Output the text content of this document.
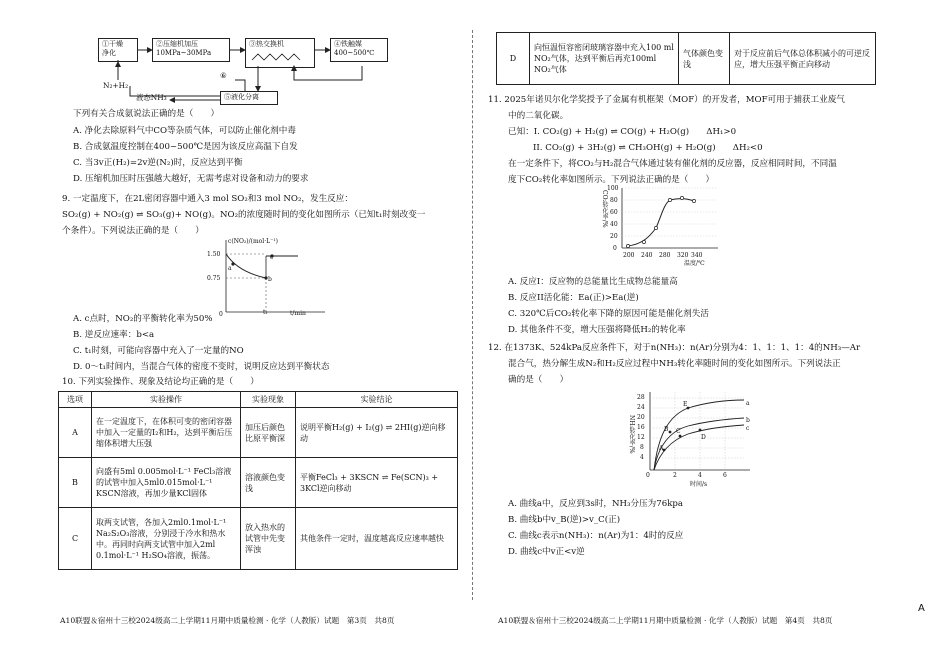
①干燥
净化
②压缩机加压
10MPa~30MPa
③热交换机	④铁触媒
400~500℃
⑤液化分离
⑥
N₂+H₂
液态NH₃
下列有关合成氨说法正确的是（　　）
A. 净化去除原料气中CO等杂质气体，可以防止催化剂中毒
B. 合成氨温度控制在400~500℃是因为该反应高温下自发
C. 当3v正(H₂)=2v逆(N₂)时，反应达到平衡
D. 压缩机加压时压强越大越好，无需考虑对设备和动力的要求
9. 一定温度下，在2L密闭容器中通入3 mol SO₂和3 mol NO₂，发生反应：
SO₂(g) + NO₂(g) ⇌ SO₃(g)+ NO(g)。NO₂的浓度随时间的变化如图所示（已知t₁时刻改变一
个条件）。下列说法正确的是（　　）
c(NO₂)/(mol·L⁻¹)
1.50
0.75
0	t₁	t/min
a
b
c
A. c点时，NO₂的平衡转化率为50%
B. 逆反应速率：b<a
C. t₁时刻，可能向容器中充入了一定量的NO
D. 0～t₁时间内，当混合气体的密度不变时，说明反应达到平衡状态
10. 下列实验操作、现象及结论均正确的是（　　）
选项	实验操作	实验现象	实验结论
A	在一定温度下，在体积可变的密闭容器中加入一定量的I₂和H₂，达到平衡后压缩体积增大压强	加压后颜色比原平衡深	说明平衡H₂(g) + I₂(g) ⇌ 2HI(g)逆向移动
B	向盛有5ml 0.005mol·L⁻¹ FeCl₃溶液的试管中加入5ml0.015mol·L⁻¹ KSCN溶液，再加少量KCl固体	溶液颜色变浅	平衡FeCl₃ + 3KSCN ⇌ Fe(SCN)₃ + 3KCl逆向移动
C	取两支试管，各加入2ml0.1mol·L⁻¹ Na₂S₂O₃溶液，分别浸于冷水和热水中。再同时向两支试管中加入2ml 0.1mol·L⁻¹ H₂SO₄溶液，振荡。	放入热水的试管中先变浑浊	其他条件一定时，温度越高反应速率越快
A10联盟＆宿州十三校2024级高二上学期11月期中质量检测 · 化学（人教版）试题　第3页　共8页
D	向恒温恒容密闭玻璃容器中充入100 ml NO₂气体，达到平衡后再充100ml NO₂气体	气体颜色变浅	对于反应前后气体总体积减小的可逆反应，增大压强平衡正向移动
11. 2025年诺贝尔化学奖授予了金属有机框架（MOF）的开发者，MOF可用于捕获工业废气
中的二氧化碳。
已知：I. CO₂(g) + H₂(g) ⇌ CO(g) + H₂O(g)　　ΔH₁>0
II. CO₂(g) + 3H₂(g) ⇌ CH₃OH(g) + H₂O(g)　　ΔH₂<0
在一定条件下，将CO₂与H₂混合气体通过装有催化剂的反应器，反应相同时间，不同温
度下CO₂转化率如图所示。下列说法正确的是（　　）
CO₂转化率/%
100
80
60
40
20
0
200 240 280 320 340
温度/℃
A. 反应I：反应物的总能量比生成物总能量高
B. 反应II活化能：Ea(正)>Ea(逆)
C. 320℃后CO₂转化率下降的原因可能是催化剂失活
D. 其他条件不变，增大压强将降低H₂的转化率
12. 在1373K、524kPa反应条件下，对于n(NH₃)：n(Ar)分别为4：1、1：1、1：4的NH₃—Ar
混合气，热分解生成N₂和H₂反应过程中NH₃转化率随时间的变化如图所示。下列说法正
确的是（　　）
NH₃转化率/%
28
24
20
16
12
8
4
0	2	4	6
时间/s
a
b
c
A
B C
D
E
A. 曲线a中，反应到3s时，NH₃分压为76kpa
B. 曲线b中v_B(逆)>v_C(正)
C. 曲线c表示n(NH₃)：n(Ar)为1：4时的反应
D. 曲线c中v正<v逆
A10联盟＆宿州十三校2024级高二上学期11月期中质量检测 · 化学（人教版）试题　第4页　共8页
A
